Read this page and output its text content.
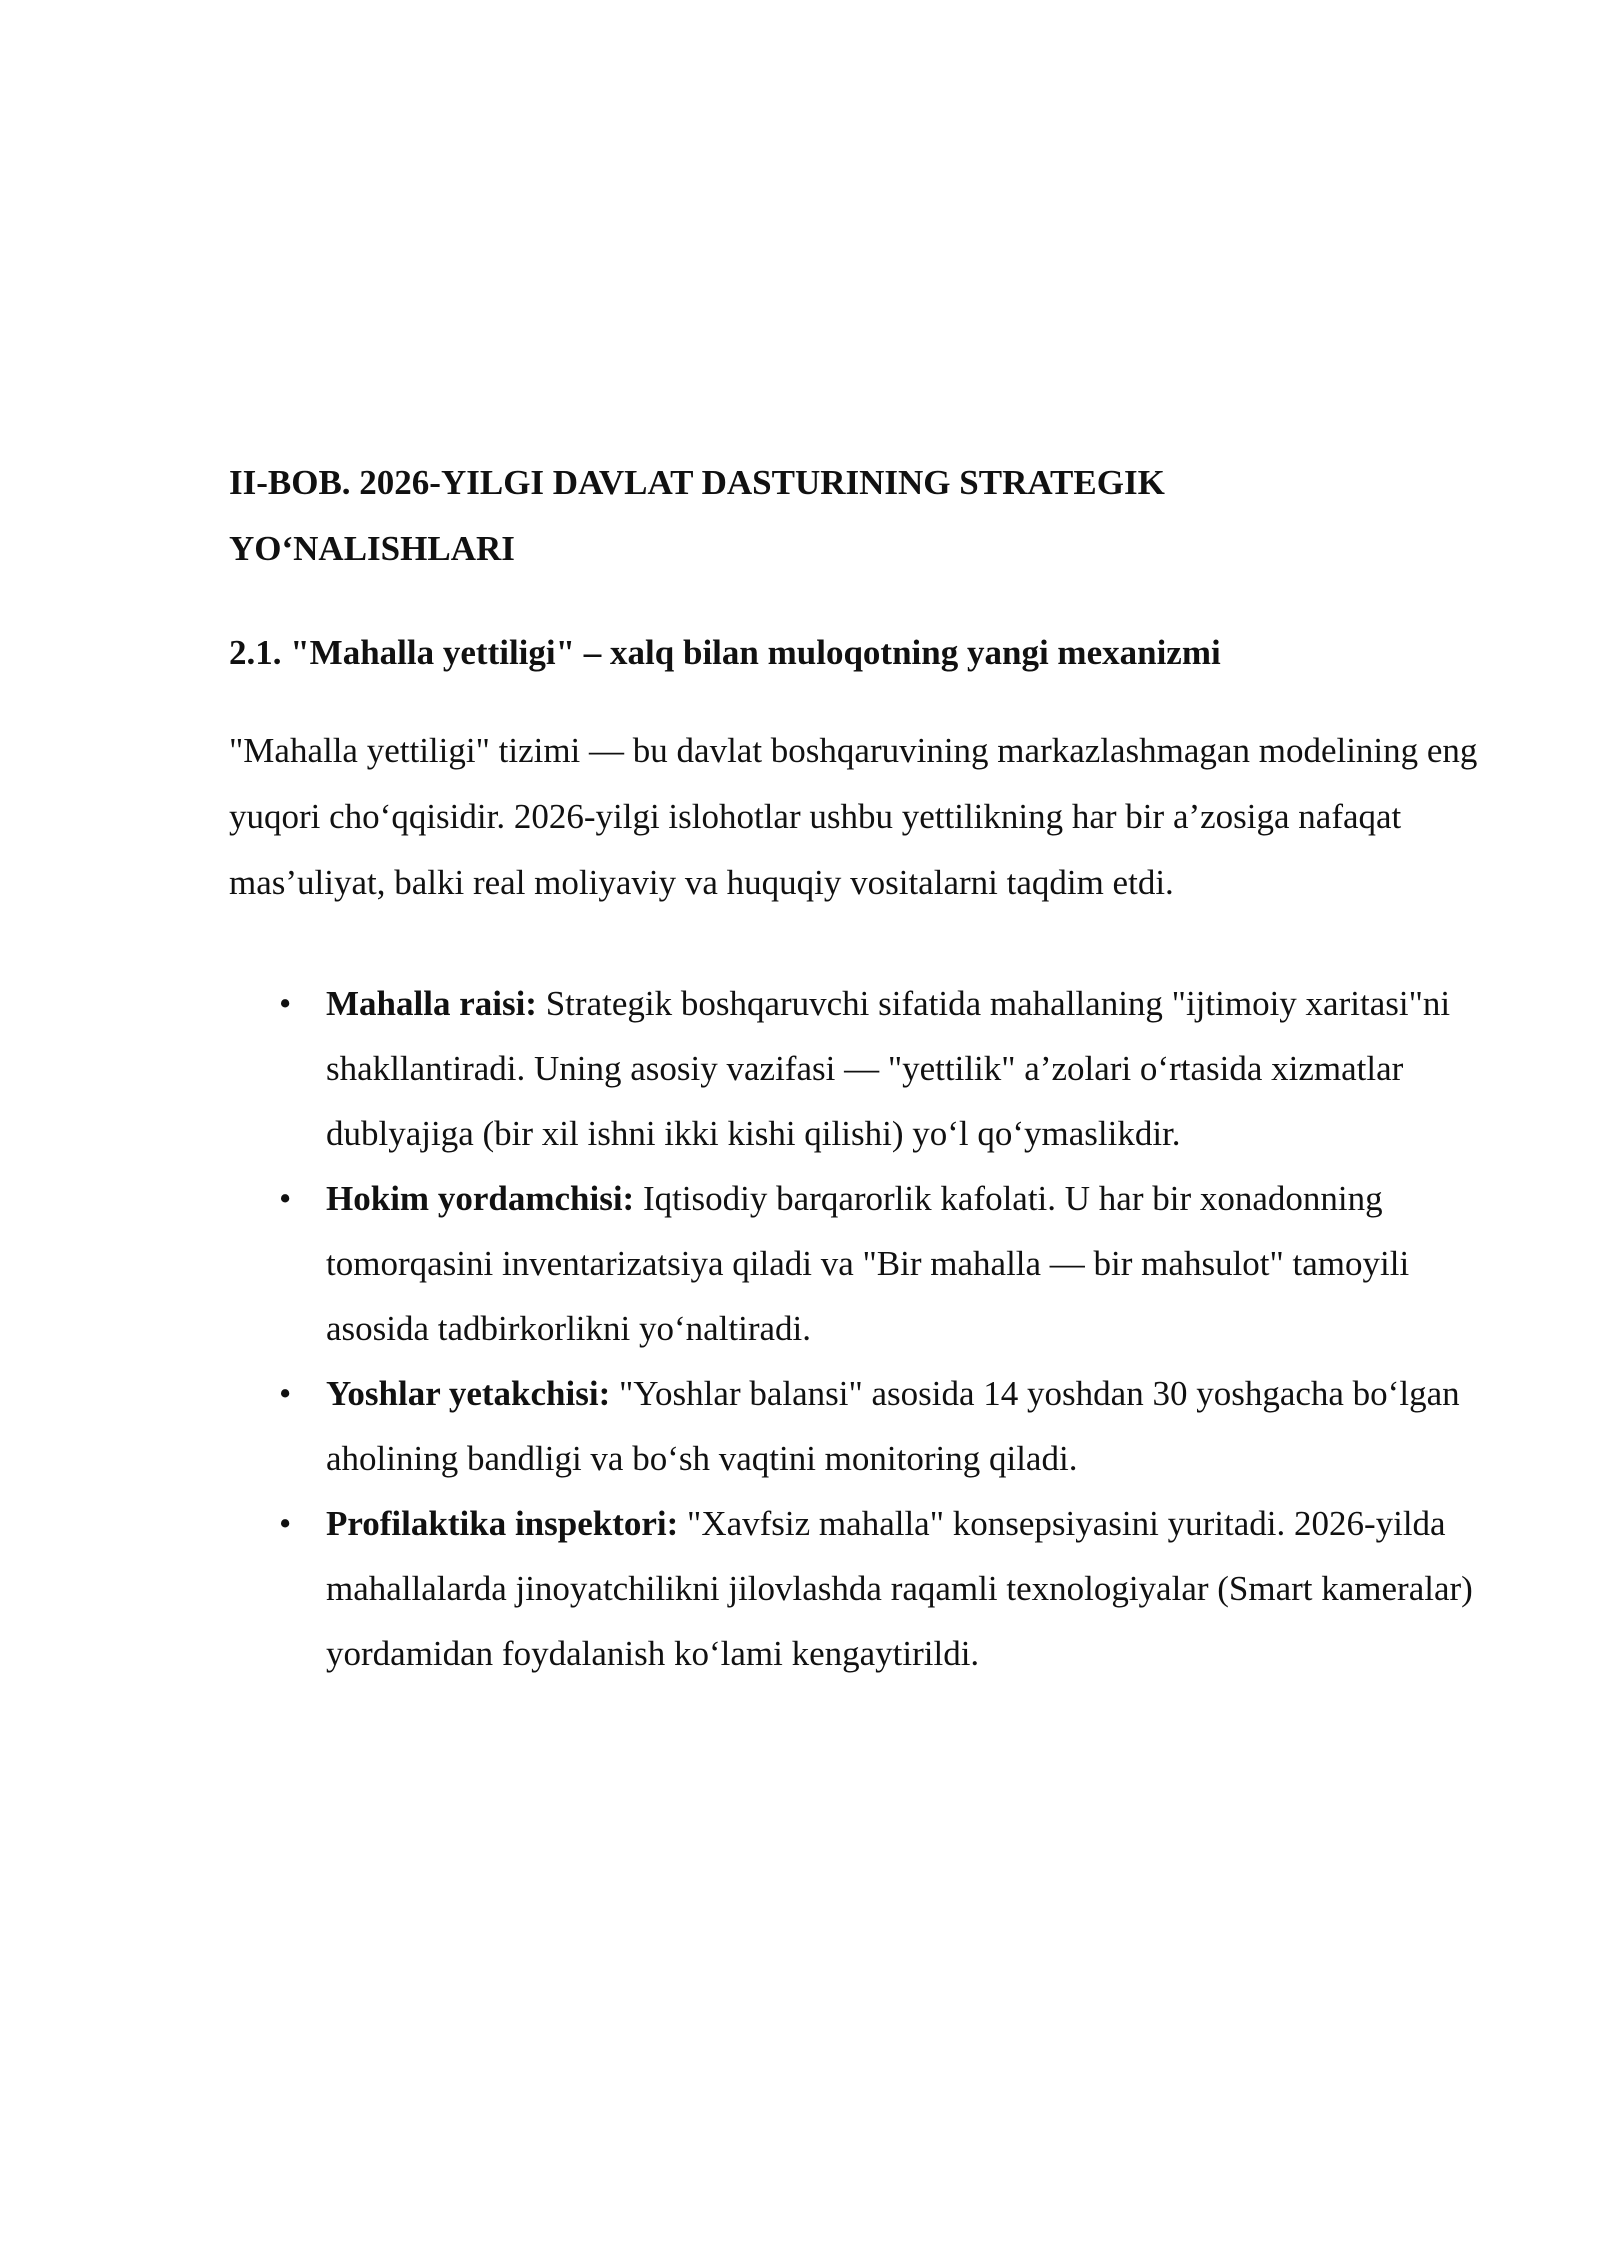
II-BOB. 2026-YILGI DAVLAT DASTURINING STRATEGIK YO‘NALISHLARI
2.1. "Mahalla yettiligi" – xalq bilan muloqotning yangi mexanizmi

"Mahalla yettiligi" tizimi — bu davlat boshqaruvining markazlashmagan modelining eng yuqori cho‘qqisidir. 2026-yilgi islohotlar ushbu yettilikning har bir a’zosiga nafaqat mas’uliyat, balki real moliyaviy va huquqiy vositalarni taqdim etdi.

• Mahalla raisi: Strategik boshqaruvchi sifatida mahallaning "ijtimoiy xaritasi"ni shakllantiradi. Uning asosiy vazifasi — "yettilik" a’zolari o‘rtasida xizmatlar dublyajiga (bir xil ishni ikki kishi qilishi) yo‘l qo‘ymaslikdir.
• Hokim yordamchisi: Iqtisodiy barqarorlik kafolati. U har bir xonadonning tomorqasini inventarizatsiya qiladi va "Bir mahalla — bir mahsulot" tamoyili asosida tadbirkorlikni yo‘naltiradi.
• Yoshlar yetakchisi: "Yoshlar balansi" asosida 14 yoshdan 30 yoshgacha bo‘lgan aholining bandligi va bo‘sh vaqtini monitoring qiladi.
• Profilaktika inspektori: "Xavfsiz mahalla" konsepsiyasini yuritadi. 2026-yilda mahallalarda jinoyatchilikni jilovlashda raqamli texnologiyalar (Smart kameralar) yordamidan foydalanish ko‘lami kengaytirildi.
